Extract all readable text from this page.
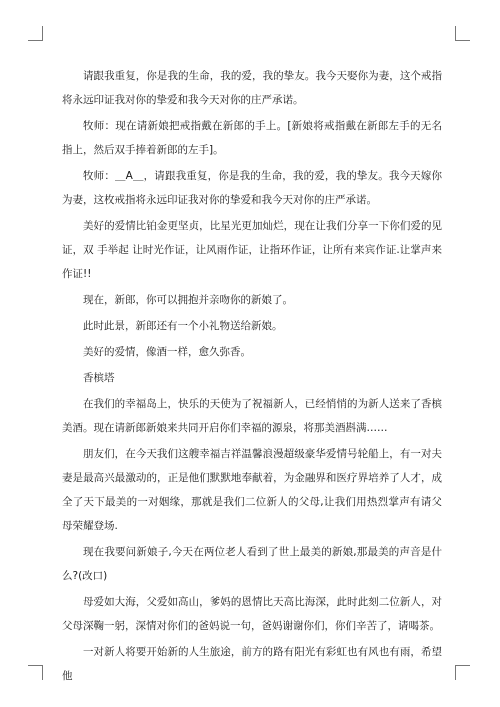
请跟我重复，你是我的生命，我的爱，我的挚友。我今天娶你为妻，这个戒指将永远印证我对你的挚爱和我今天对你的庄严承诺。

牧师：现在请新娘把戒指戴在新郎的手上。[新娘将戒指戴在新郎左手的无名指上，然后双手捧着新郎的左手]。

牧师：＿A＿，请跟我重复，你是我的生命，我的爱，我的挚友。我今天嫁你为妻，这枚戒指将永远印证我对你的挚爱和我今天对你的庄严承诺。

美好的爱情比铂金更坚贞，比星光更加灿烂，现在让我们分享一下你们爱的见证，双 手举起 让时光作证，让风雨作证，让指环作证，让所有来宾作证.让掌声来作证!!

现在，新郎，你可以拥抱并亲吻你的新娘了。

此时此景，新郎还有一个小礼物送给新娘。

美好的爱情，像酒一样，愈久弥香。

香槟塔

在我们的幸福岛上，快乐的天使为了祝福新人，已经悄悄的为新人送来了香槟美酒。现在请新郎新娘来共同开启你们幸福的源泉，将那美酒斟满……

朋友们，在今天我们这艘幸福吉祥温馨浪漫超级豪华爱情号轮船上，有一对夫妻是最高兴最激动的，正是他们默默地奉献着，为金融界和医疗界培养了人才，成全了天下最美的一对姻缘，那就是我们二位新人的父母,让我们用热烈掌声有请父母荣耀登场.

现在我要问新娘子,今天在两位老人看到了世上最美的新娘,那最美的声音是什么?(改口)

母爱如大海，父爱如高山，爹妈的恩情比天高比海深，此时此刻二位新人，对父母深鞠一躬，深情对你们的爸妈说一句，爸妈谢谢你们，你们辛苦了，请喝茶。

一对新人将要开始新的人生旅途，前方的路有阳光有彩虹也有风也有雨，希望他
